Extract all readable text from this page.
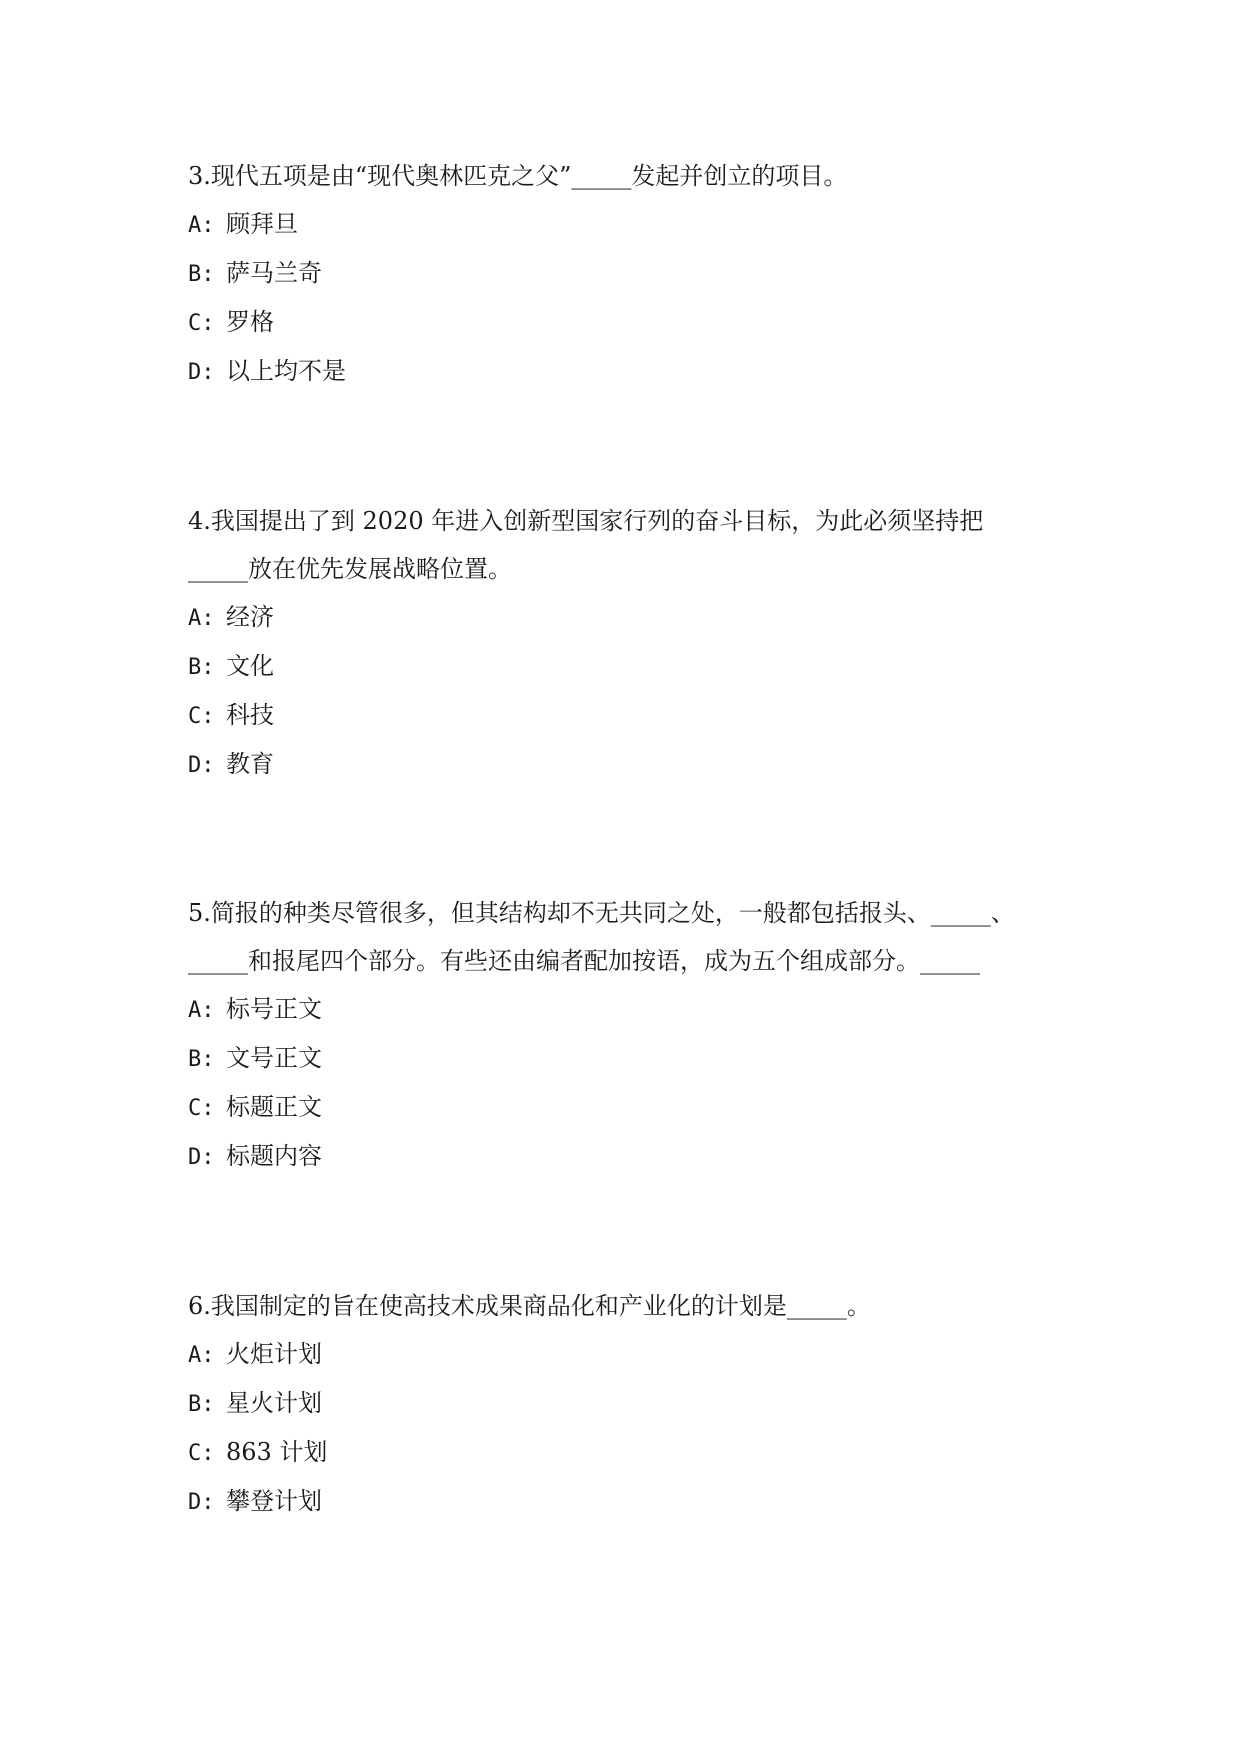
3.现代五项是由“现代奥林匹克之父”_____发起并创立的项目。
A: 顾拜旦
B: 萨马兰奇
C: 罗格
D: 以上均不是
4.我国提出了到 2020 年进入创新型国家行列的奋斗目标，为此必须坚持把
_____放在优先发展战略位置。
A: 经济
B: 文化
C: 科技
D: 教育
5.简报的种类尽管很多，但其结构却不无共同之处，一般都包括报头、_____、
_____和报尾四个部分。有些还由编者配加按语，成为五个组成部分。_____
A: 标号正文
B: 文号正文
C: 标题正文
D: 标题内容
6.我国制定的旨在使高技术成果商品化和产业化的计划是_____。
A: 火炬计划
B: 星火计划
C: 863 计划
D: 攀登计划
